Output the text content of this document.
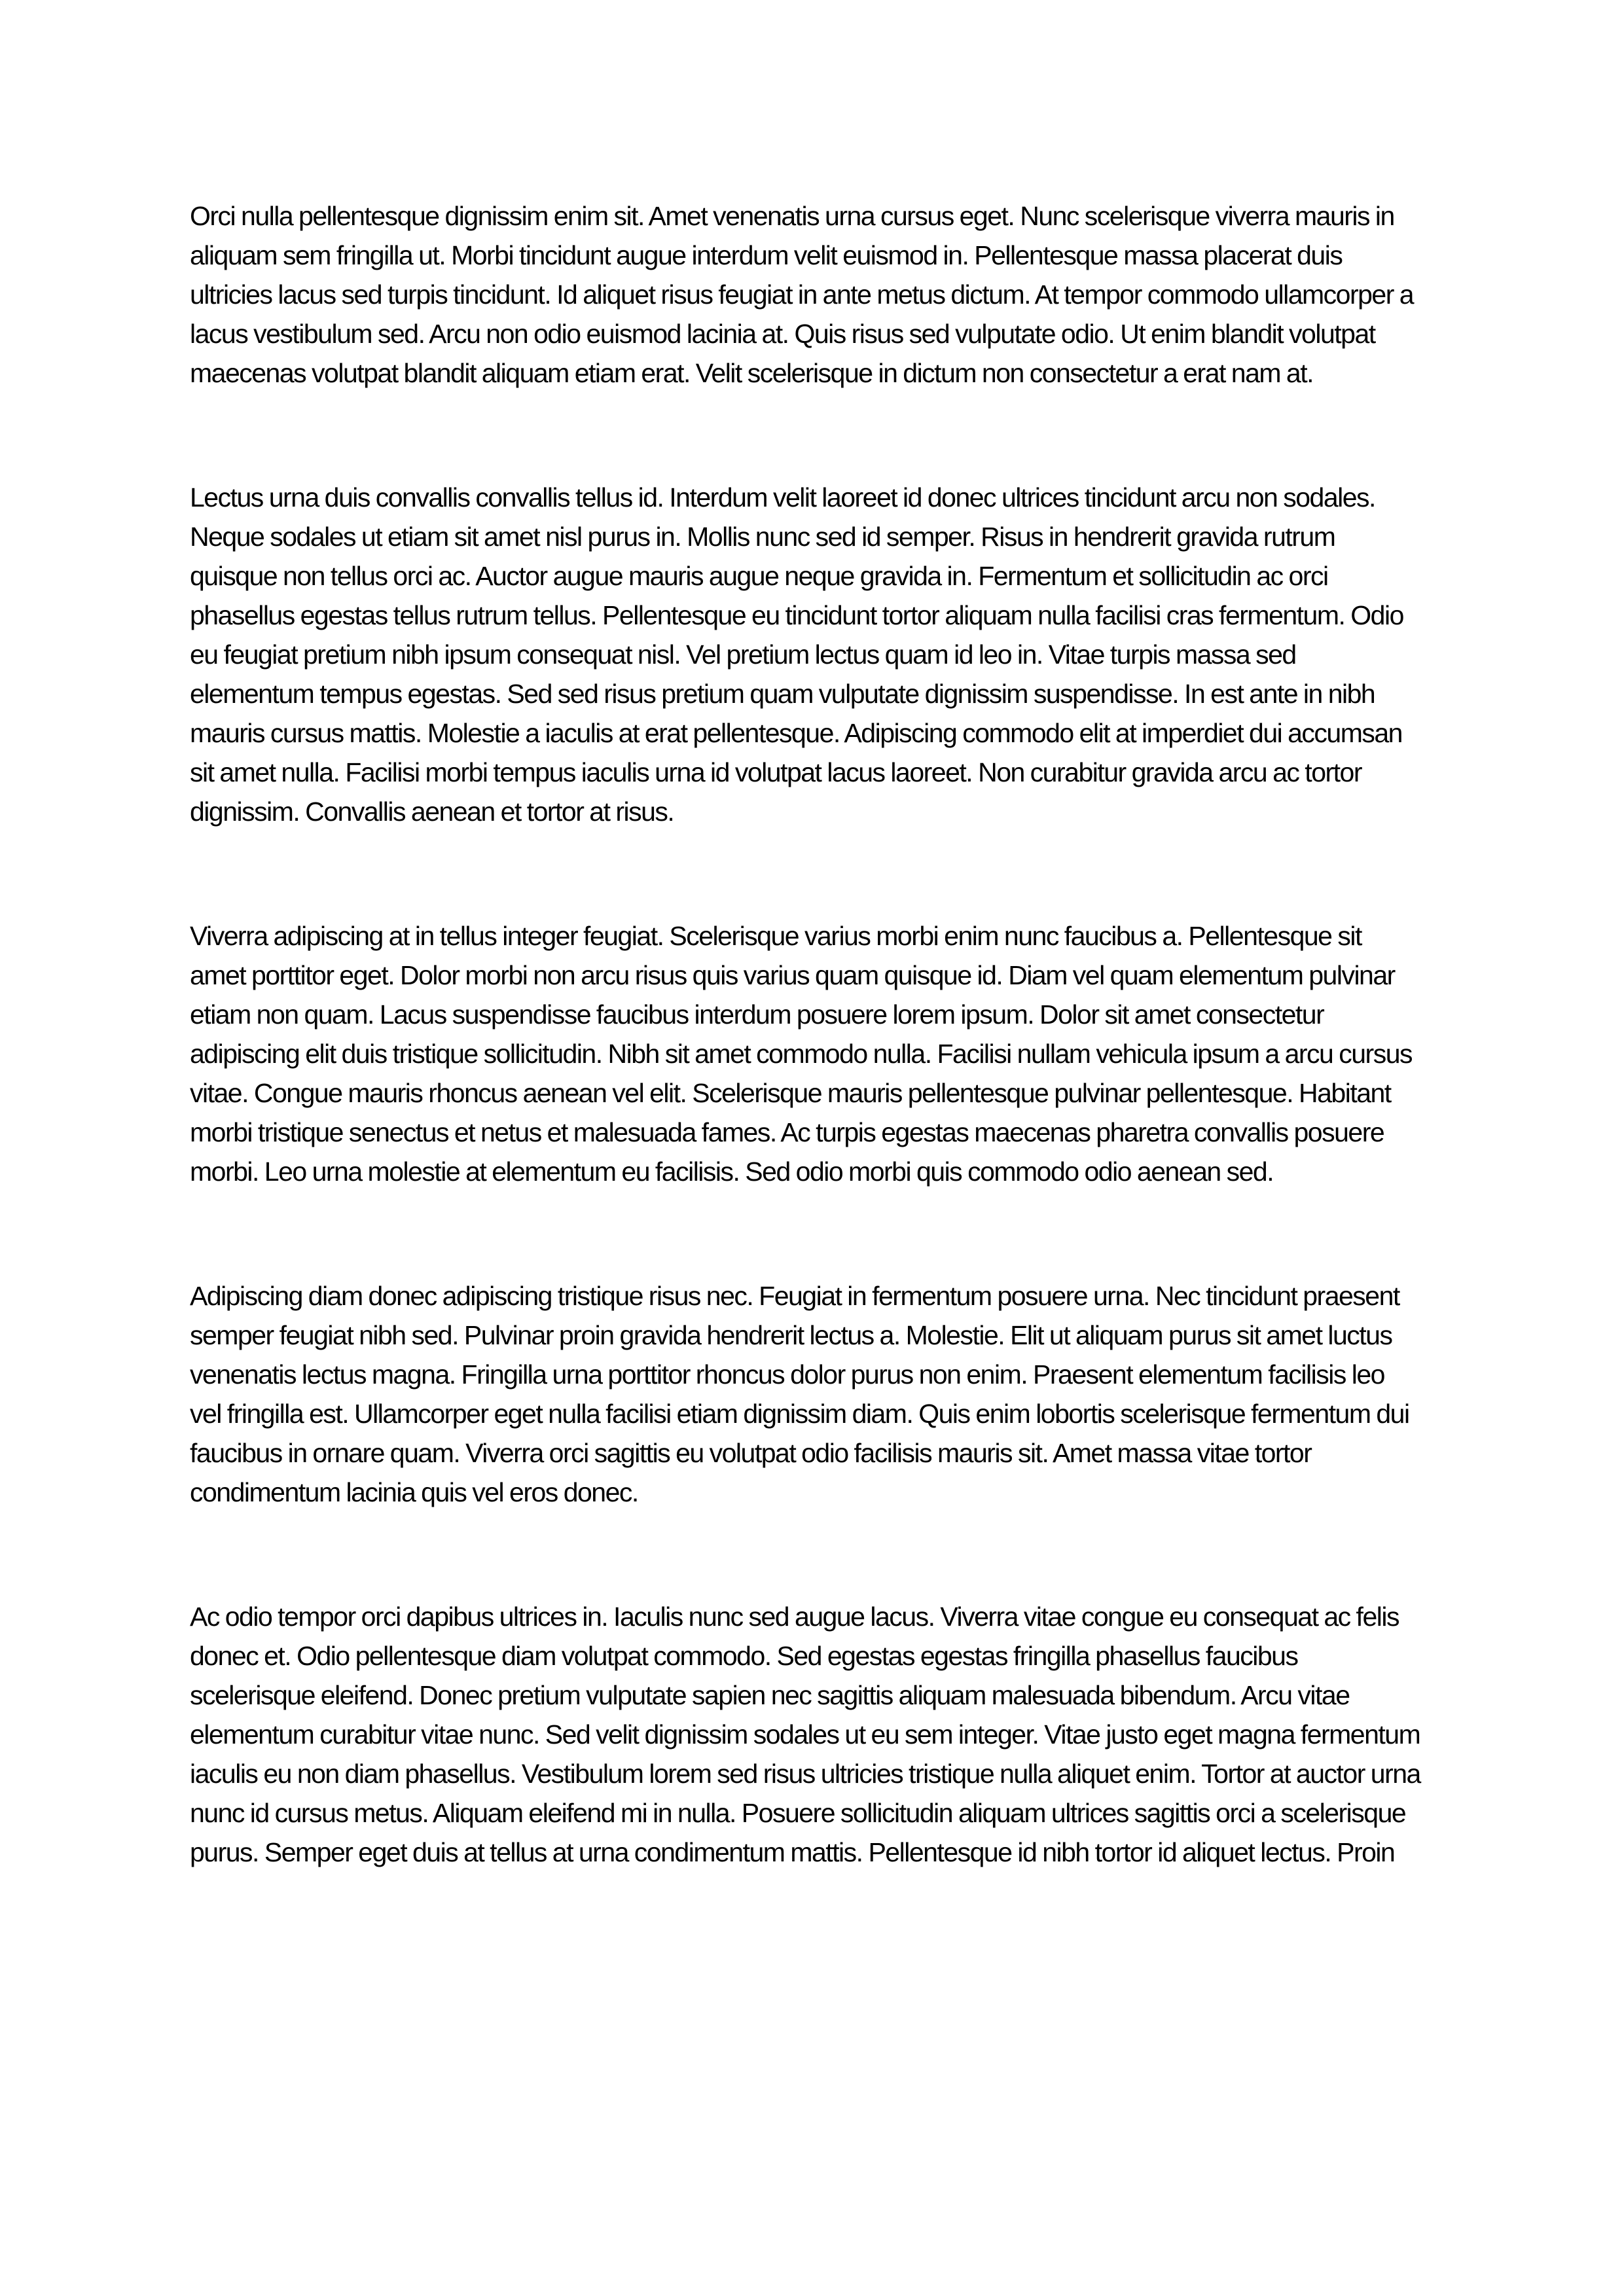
Orci nulla pellentesque dignissim enim sit. Amet venenatis urna cursus eget. Nunc scelerisque viverra mauris in aliquam sem fringilla ut. Morbi tincidunt augue interdum velit euismod in. Pellentesque massa placerat duis ultricies lacus sed turpis tincidunt. Id aliquet risus feugiat in ante metus dictum. At tempor commodo ullamcorper a lacus vestibulum sed. Arcu non odio euismod lacinia at. Quis risus sed vulputate odio. Ut enim blandit volutpat maecenas volutpat blandit aliquam etiam erat. Velit scelerisque in dictum non consectetur a erat nam at.

Lectus urna duis convallis convallis tellus id. Interdum velit laoreet id donec ultrices tincidunt arcu non sodales. Neque sodales ut etiam sit amet nisl purus in. Mollis nunc sed id semper. Risus in hendrerit gravida rutrum quisque non tellus orci ac. Auctor augue mauris augue neque gravida in. Fermentum et sollicitudin ac orci phasellus egestas tellus rutrum tellus. Pellentesque eu tincidunt tortor aliquam nulla facilisi cras fermentum. Odio eu feugiat pretium nibh ipsum consequat nisl. Vel pretium lectus quam id leo in. Vitae turpis massa sed elementum tempus egestas. Sed sed risus pretium quam vulputate dignissim suspendisse. In est ante in nibh mauris cursus mattis. Molestie a iaculis at erat pellentesque. Adipiscing commodo elit at imperdiet dui accumsan sit amet nulla. Facilisi morbi tempus iaculis urna id volutpat lacus laoreet. Non curabitur gravida arcu ac tortor dignissim. Convallis aenean et tortor at risus.

Viverra adipiscing at in tellus integer feugiat. Scelerisque varius morbi enim nunc faucibus a. Pellentesque sit amet porttitor eget. Dolor morbi non arcu risus quis varius quam quisque id. Diam vel quam elementum pulvinar etiam non quam. Lacus suspendisse faucibus interdum posuere lorem ipsum. Dolor sit amet consectetur adipiscing elit duis tristique sollicitudin. Nibh sit amet commodo nulla. Facilisi nullam vehicula ipsum a arcu cursus vitae. Congue mauris rhoncus aenean vel elit. Scelerisque mauris pellentesque pulvinar pellentesque. Habitant morbi tristique senectus et netus et malesuada fames. Ac turpis egestas maecenas pharetra convallis posuere morbi. Leo urna molestie at elementum eu facilisis. Sed odio morbi quis commodo odio aenean sed.

Adipiscing diam donec adipiscing tristique risus nec. Feugiat in fermentum posuere urna. Nec tincidunt praesent semper feugiat nibh sed. Pulvinar proin gravida hendrerit lectus a. Molestie. Elit ut aliquam purus sit amet luctus venenatis lectus magna. Fringilla urna porttitor rhoncus dolor purus non enim. Praesent elementum facilisis leo vel fringilla est. Ullamcorper eget nulla facilisi etiam dignissim diam. Quis enim lobortis scelerisque fermentum dui faucibus in ornare quam. Viverra orci sagittis eu volutpat odio facilisis mauris sit. Amet massa vitae tortor condimentum lacinia quis vel eros donec.

Ac odio tempor orci dapibus ultrices in. Iaculis nunc sed augue lacus. Viverra vitae congue eu consequat ac felis donec et. Odio pellentesque diam volutpat commodo. Sed egestas egestas fringilla phasellus faucibus scelerisque eleifend. Donec pretium vulputate sapien nec sagittis aliquam malesuada bibendum. Arcu vitae elementum curabitur vitae nunc. Sed velit dignissim sodales ut eu sem integer. Vitae justo eget magna fermentum iaculis eu non diam phasellus. Vestibulum lorem sed risus ultricies tristique nulla aliquet enim. Tortor at auctor urna nunc id cursus metus. Aliquam eleifend mi in nulla. Posuere sollicitudin aliquam ultrices sagittis orci a scelerisque purus. Semper eget duis at tellus at urna condimentum mattis. Pellentesque id nibh tortor id aliquet lectus. Proin
